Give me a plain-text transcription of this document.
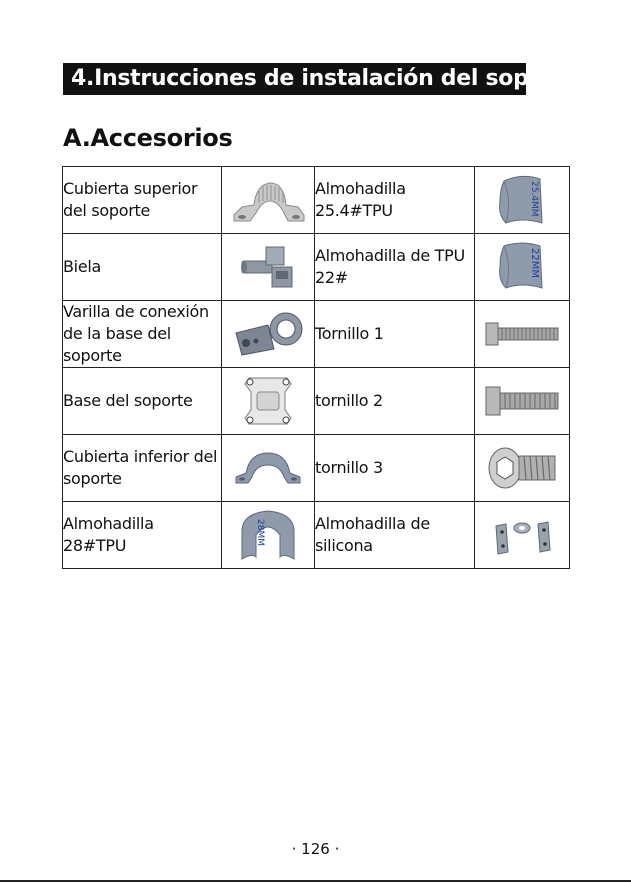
4.Instrucciones de instalación del soporte
A.Accesorios
Cubierta superior del soporte		Almohadilla 25.4#TPU	25.4MM

Biela		Almohadilla de TPU 22#	22MM

Varilla de conexión de la base del soporte		Tornillo 1	

Base del soporte		tornillo 2	

Cubierta inferior del soporte		tornillo 3	

Almohadilla 28#TPU	28MM	Almohadilla de silicona	
· 126 ·
